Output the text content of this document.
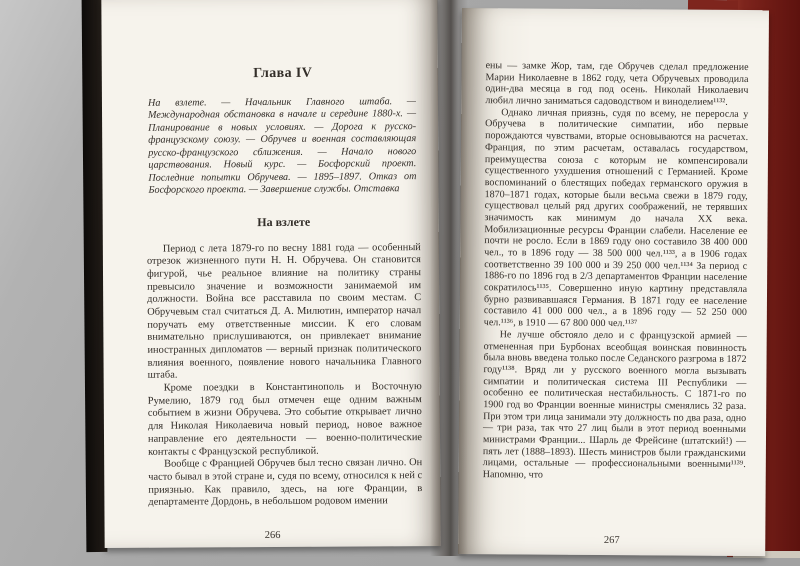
Глава IV

На взлете. — Начальник Главного штаба. — Международная обстановка в начале и середине 1880-х. — Планирование в новых условиях. — Дорога к русско-французскому союзу. — Обручев и военная составляющая русско-французского сближения. — Начало нового царствования. Новый курс. — Босфорский проект. Последние попытки Обручева. — 1895–1897. Отказ от Босфорского проекта. — Завершение службы. Отставка

На взлете

Период с лета 1879-го по весну 1881 года — особенный отрезок жизненного пути Н. Н. Обручева. Он становится фигурой, чье реальное влияние на политику страны превысило значение и возможности занимаемой им должности. Война все расставила по своим местам. С Обручевым стал считаться Д. А. Милютин, император начал поручать ему ответственные миссии. К его словам внимательно прислушиваются, он привлекает внимание иностранных дипломатов — верный признак политического влияния военного, появление нового начальника Главного штаба.

Кроме поездки в Константинополь и Восточную Румелию, 1879 год был отмечен еще одним важным событием в жизни Обручева. Это событие открывает лично для Николая Николаевича новый период, новое важное направление его деятельности — военно-политические контакты с Французской республикой.

Вообще с Францией Обручев был тесно связан лично. Он часто бывал в этой стране и, судя по всему, относился к ней с приязнью. Как правило, здесь, на юге Франции, в департаменте Дордонь, в небольшом родовом имении

266

ены — замке Жор, там, где Обручев сделал предложение Марии Николаевне в 1862 году, чета Обручевых проводила один-два месяца в год под осень. Николай Николаевич любил лично заниматься садоводством и виноделием¹¹³².

Однако личная приязнь, судя по всему, не переросла у Обручева в политические симпатии, ибо первые порождаются чувствами, вторые основываются на расчетах. Франция, по этим расчетам, оставалась государством, преимущества союза с которым не компенсировали существенного ухудшения отношений с Германией. Кроме воспоминаний о блестящих победах германского оружия в 1870–1871 годах, которые были весьма свежи в 1879 году, существовал целый ряд других соображений, не терявших значимость как минимум до начала XX века. Мобилизационные ресурсы Франции слабели. Население ее почти не росло. Если в 1869 году оно составило 38 400 000 чел., то в 1896 году — 38 500 000 чел.¹¹³³, а в 1906 годах соответственно 39 100 000 и 39 250 000 чел.¹¹³⁴ За период с 1886-го по 1896 год в 2/3 департаментов Франции население сократилось¹¹³⁵. Совершенно иную картину представляла бурно развивавшаяся Германия. В 1871 году ее население составило 41 000 000 чел., а в 1896 году — 52 250 000 чел.¹¹³⁶, в 1910 — 67 800 000 чел.¹¹³⁷

Не лучше обстояло дело и с французской армией — отмененная при Бурбонах всеобщая воинская повинность была вновь введена только после Седанского разгрома в 1872 году¹¹³⁸. Вряд ли у русского военного могла вызывать симпатии и политическая система III Республики — особенно ее политическая нестабильность. С 1871-го по 1900 год во Франции военные министры сменялись 32 раза. При этом три лица занимали эту должность по два раза, одно — три раза, так что 27 лиц были в этот период военными министрами Франции... Шарль де Фрейсине (штатский!) — пять лет (1888–1893). Шесть министров были гражданскими лицами, остальные — профессиональными военными¹¹³⁹. Напомню, что

267
